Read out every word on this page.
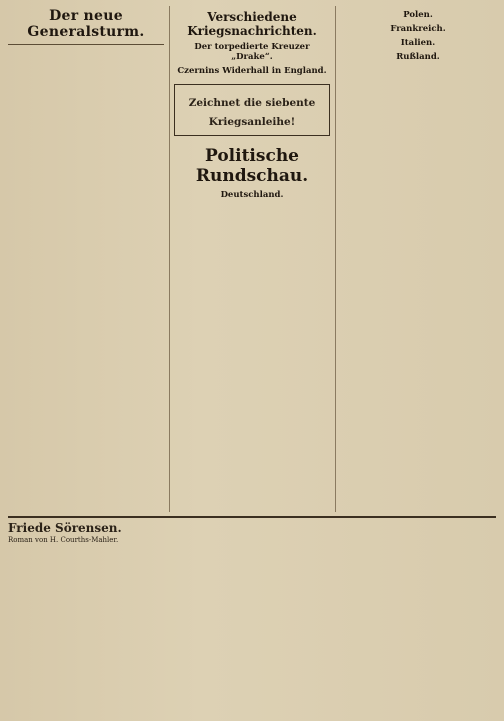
Der neue Generalsturm.
Verschiedene Kriegsnachrichten.
Der torpedierte Kreuzer „Drake“.
Czernins Widerhall in England.
Zeichnet die siebente Kriegsanleihe!
Politische Rundschau.
Deutschland.
Polen.
Frankreich.
Italien.
Rußland.
Friede Sörensen.
Roman von H. Courths-Mahler.
